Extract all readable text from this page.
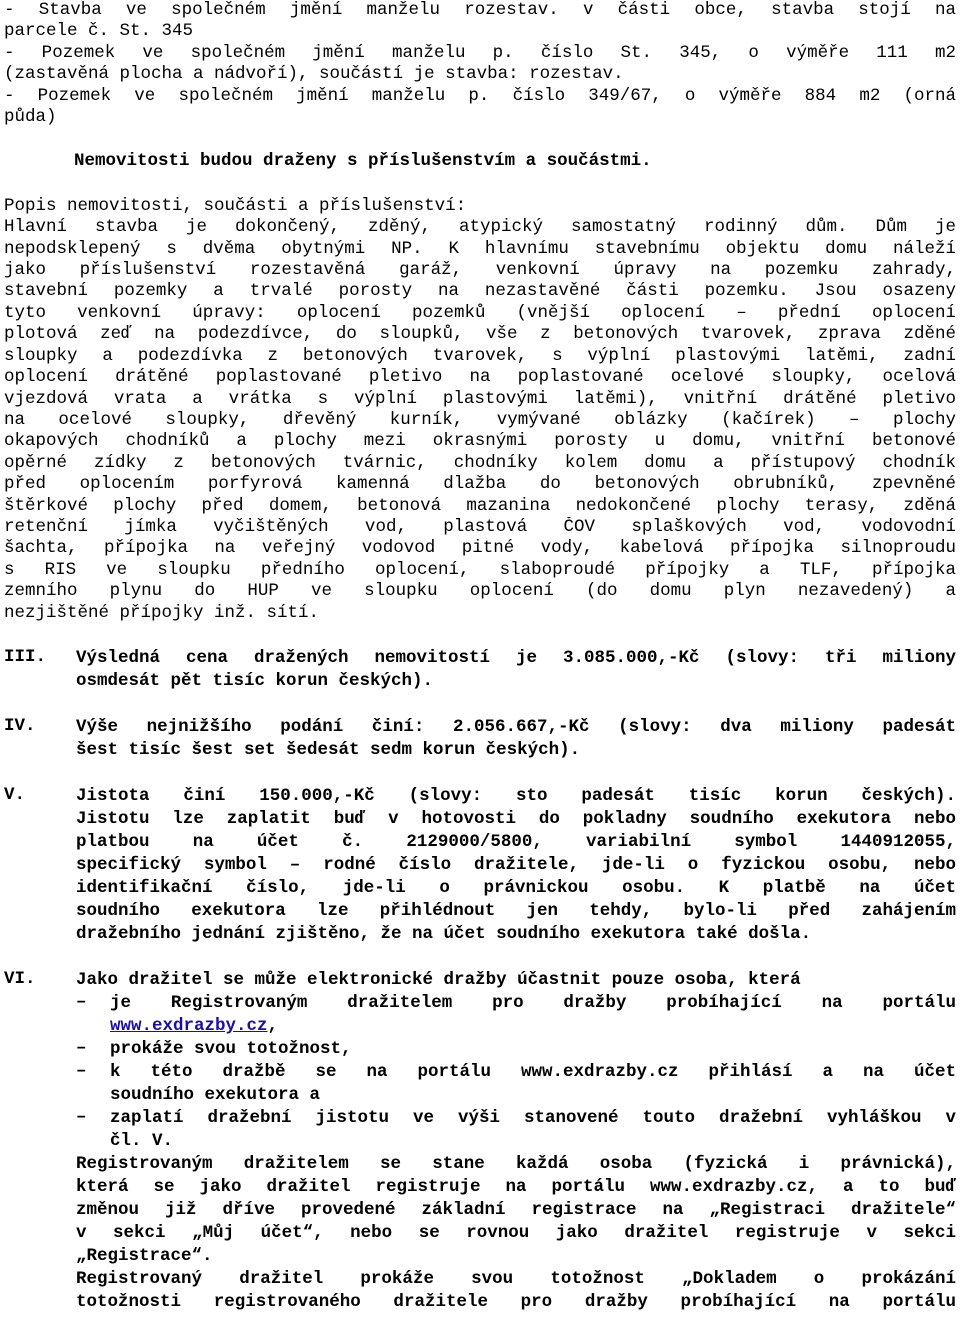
- Stavba ve společném jmění manželu rozestav. v části obce, stavba stojí na
parcele č. St. 345
- Pozemek ve společném jmění manželu p. číslo St. 345, o výměře 111 m2
(zastavěná plocha a nádvoří), součástí je stavba: rozestav.
- Pozemek ve společném jmění manželu p. číslo 349/67, o výměře 884 m2 (orná
půda)
Nemovitosti budou draženy s příslušenstvím a součástmi.
Popis nemovitosti, součásti a příslušenství:
Hlavní stavba je dokončený, zděný, atypický samostatný rodinný dům. Dům je
nepodsklepený s dvěma obytnými NP. K hlavnímu stavebnímu objektu domu náleží
jako příslušenství rozestavěná garáž, venkovní úpravy na pozemku zahrady,
stavební pozemky a trvalé porosty na nezastavěné části pozemku. Jsou osazeny
tyto venkovní úpravy: oplocení pozemků (vnější oplocení – přední oplocení
plotová zeď na podezdívce, do sloupků, vše z betonových tvarovek, zprava zděné
sloupky a podezdívka z betonových tvarovek, s výplní plastovými latěmi, zadní
oplocení drátěné poplastované pletivo na poplastované ocelové sloupky, ocelová
vjezdová vrata a vrátka s výplní plastovými latěmi), vnitřní drátěné pletivo
na ocelové sloupky, dřevěný kurník, vymývané oblázky (kačírek) – plochy
okapových chodníků a plochy mezi okrasnými porosty u domu, vnitřní betonové
opěrné zídky z betonových tvárnic, chodníky kolem domu a přístupový chodník
před oplocením porfyrová kamenná dlažba do betonových obrubníků, zpevněné
štěrkové plochy před domem, betonová mazanina nedokončené plochy terasy, zděná
retenční jímka vyčištěných vod, plastová ČOV splaškových vod, vodovodní
šachta, přípojka na veřejný vodovod pitné vody, kabelová přípojka silnoproudu
s RIS ve sloupku předního oplocení, slaboproudé přípojky a TLF, přípojka
zemního plynu do HUP ve sloupku oplocení (do domu plyn nezavedený) a
nezjištěné přípojky inž. sítí.
III.	Výsledná cena dražených nemovitostí je 3.085.000,-Kč (slovy: tři miliony
osmdesát pět tisíc korun českých).
IV.	Výše nejnižšího podání činí: 2.056.667,-Kč (slovy: dva miliony padesát
šest tisíc šest set šedesát sedm korun českých).
V.	Jistota činí 150.000,-Kč (slovy: sto padesát tisíc korun českých).
Jistotu lze zaplatit buď v hotovosti do pokladny soudního exekutora nebo
platbou na účet č. 2129000/5800, variabilní symbol 1440912055,
specifický symbol – rodné číslo dražitele, jde-li o fyzickou osobu, nebo
identifikační číslo, jde-li o právnickou osobu. K platbě na účet
soudního exekutora lze přihlédnout jen tehdy, bylo-li před zahájením
dražebního jednání zjištěno, že na účet soudního exekutora také došla.
VI.	Jako dražitel se může elektronické dražby účastnit pouze osoba, která
– je Registrovaným dražitelem pro dražby probíhající na portálu
www.exdrazby.cz,
– prokáže svou totožnost,
– k této dražbě se na portálu www.exdrazby.cz přihlásí a na účet
soudního exekutora a
– zaplatí dražební jistotu ve výši stanovené touto dražební vyhláškou v
čl. V.
Registrovaným dražitelem se stane každá osoba (fyzická i právnická),
která se jako dražitel registruje na portálu www.exdrazby.cz, a to buď
změnou již dříve provedené základní registrace na „Registraci dražitele“
v sekci „Můj účet“, nebo se rovnou jako dražitel registruje v sekci
„Registrace“.
Registrovaný dražitel prokáže svou totožnost „Dokladem o prokázání
totožnosti registrovaného dražitele pro dražby probíhající na portálu
